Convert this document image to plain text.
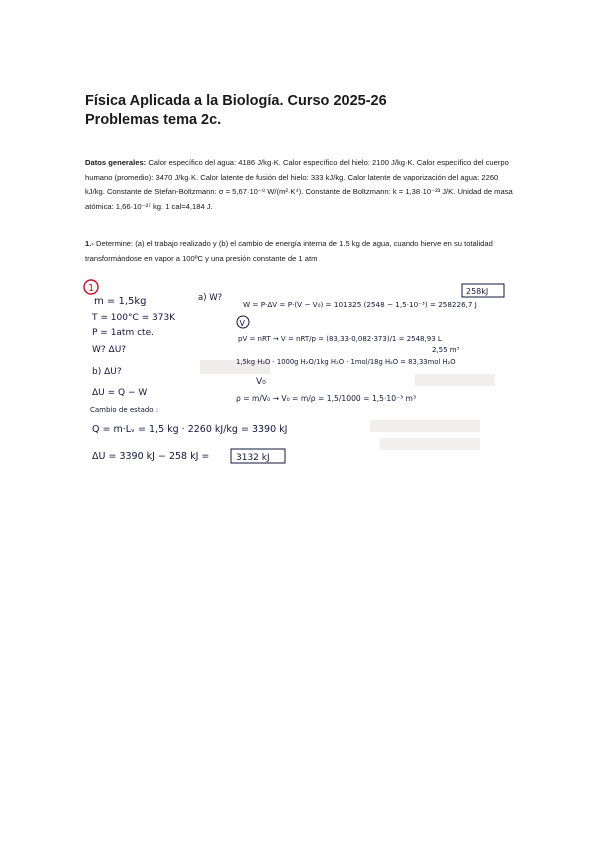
Física Aplicada a la Biología. Curso 2025-26
Problemas tema 2c.
Datos generales: Calor específico del agua: 4186 J/kg·K. Calor específico del hielo: 2100 J/kg·K. Calor específico del cuerpo humano (promedio): 3470 J/kg·K. Calor latente de fusión del hielo: 333 kJ/kg. Calor latente de vaporización del agua: 2260 kJ/kg. Constante de Stefan-Boltzmann: σ = 5,67·10⁻⁸ W/(m²·K⁴). Constante de Boltzmann: k = 1,38·10⁻²³ J/K. Unidad de masa atómica: 1,66·10⁻²⁷ kg. 1 cal=4,184 J.
1.- Determine: (a) el trabajo realizado y (b) el cambio de energía interna de 1.5 kg de agua, cuando hierve en su totalidad transformándose en vapor a 100ºC y una presión constante de 1 atm
1
m = 1,5kg
T = 100°C = 373K
P = 1atm cte.
W? ΔU?
a) W?
W = P·ΔV = P·(V − V₀) = 101325 (2548 − 1,5·10⁻³) = 258226,7 J
258kJ
V
pV = nRT → V = nRT/p = (83,33·0,082·373)/1 = 2548,93 L
2,55 m³
1,5kg H₂O · 1000g H₂O/1kg H₂O · 1mol/18g H₂O = 83,33mol H₂O
b) ΔU?
V₀
ρ = m/V₀ → V₀ = m/ρ = 1,5/1000 = 1,5·10⁻³ m³
ΔU = Q − W
Cambio de estado :
Q = m·Lᵥ = 1,5 kg · 2260 kJ/kg = 3390 kJ
ΔU = 3390 kJ − 258 kJ =	3132 kJ
